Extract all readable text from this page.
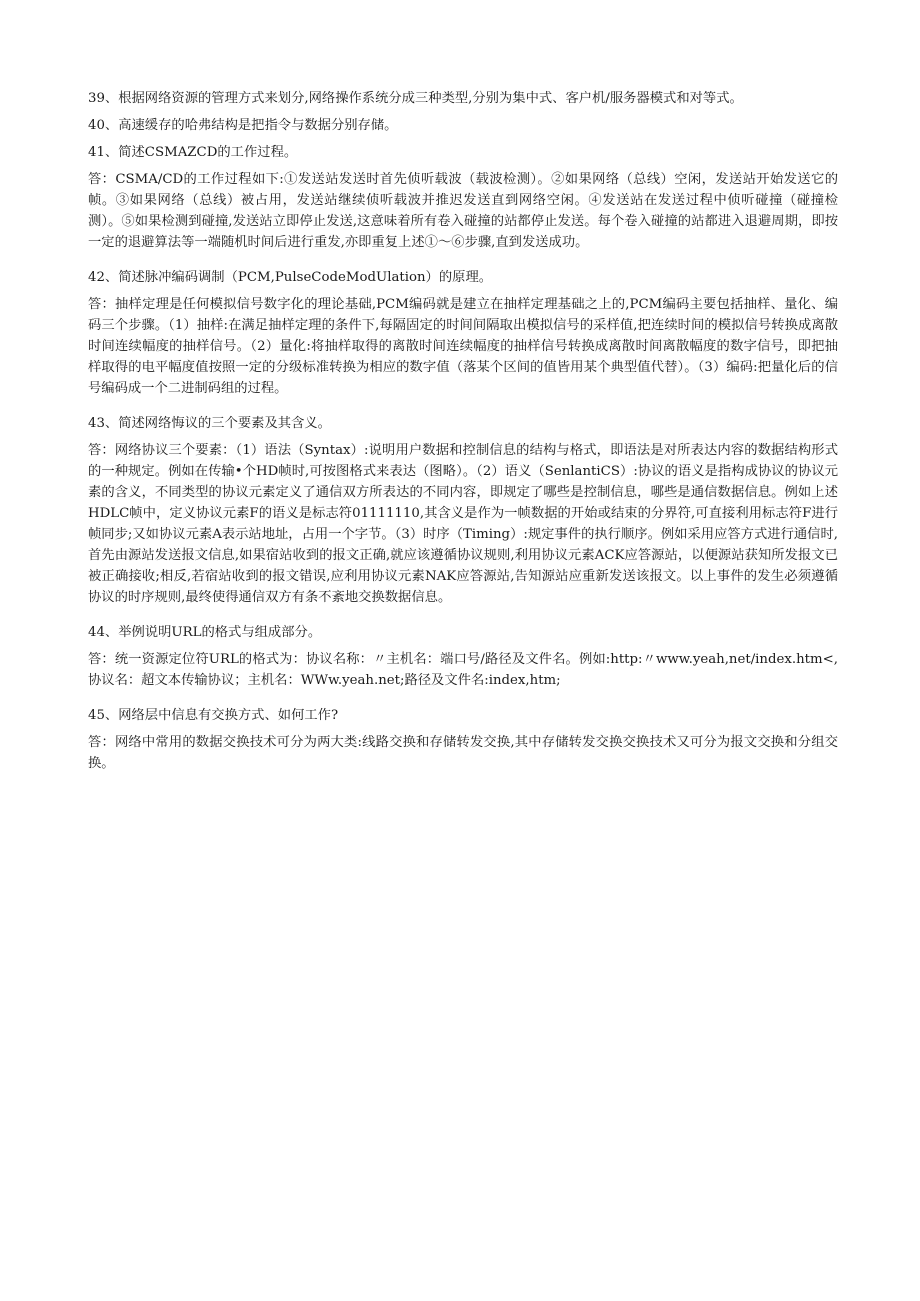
39、根据网络资源的管理方式来划分,网络操作系统分成三种类型,分别为集中式、客户机/服务器模式和对等式。

40、高速缓存的哈弗结构是把指令与数据分别存储。

41、简述CSMAZCD的工作过程。

答：CSMA/CD的工作过程如下:①发送站发送时首先侦听载波（载波检测）。②如果网络（总线）空闲，发送站开始发送它的帧。③如果网络（总线）被占用，发送站继续侦听载波并推迟发送直到网络空闲。④发送站在发送过程中侦听碰撞（碰撞检测）。⑤如果检测到碰撞,发送站立即停止发送,这意味着所有卷入碰撞的站都停止发送。每个卷入碰撞的站都进入退避周期，即按一定的退避算法等一端随机时间后进行重发,亦即重复上述①〜⑥步骤,直到发送成功。

42、简述脉冲编码调制（PCM,PulseCodeModUlation）的原理。

答：抽样定理是任何模拟信号数字化的理论基础,PCM编码就是建立在抽样定理基础之上的,PCM编码主要包括抽样、量化、编码三个步骤。（1）抽样:在满足抽样定理的条件下,每隔固定的时间间隔取出模拟信号的采样值,把连续时间的模拟信号转换成离散时间连续幅度的抽样信号。（2）量化:将抽样取得的离散时间连续幅度的抽样信号转换成离散时间离散幅度的数字信号，即把抽样取得的电平幅度值按照一定的分级标准转换为相应的数字值（落某个区间的值皆用某个典型值代替）。（3）编码:把量化后的信号编码成一个二进制码组的过程。

43、简述网络悔议的三个要素及其含义。

答：网络协议三个要素：（1）语法（Syntax）:说明用户数据和控制信息的结构与格式，即语法是对所表达内容的数据结构形式的一种规定。例如在传输•个HD帧时,可按图格式来表达（图略）。（2）语义（SenlantiCS）:协议的语义是指构成协议的协议元素的含义，不同类型的协议元素定义了通信双方所表达的不同内容，即规定了哪些是控制信息，哪些是通信数据信息。例如上述HDLC帧中，定义协议元素F的语义是标志符01111110,其含义是作为一帧数据的开始或结束的分界符,可直接利用标志符F进行帧同步;又如协议元素A表示站地址，占用一个字节。（3）时序（Timing）:规定事件的执行顺序。例如采用应答方式进行通信时,首先由源站发送报文信息,如果宿站收到的报文正确,就应该遵循协议规则,利用协议元素ACK应答源站，以便源站获知所发报文已被正确接收;相反,若宿站收到的报文错误,应利用协议元素NAK应答源站,告知源站应重新发送该报文。以上事件的发生必须遵循协议的时序规则,最终使得通信双方有条不紊地交换数据信息。

44、举例说明URL的格式与组成部分。

答：统一资源定位符URL的格式为：协议名称：〃主机名：端口号/路径及文件名。例如:http:〃www.yeah,net/index.htm<,协议名：超文本传输协议；主机名：WWw.yeah.net;路径及文件名:index,htm;

45、网络层中信息有交换方式、如何工作?

答：网络中常用的数据交换技术可分为两大类:线路交换和存储转发交换,其中存储转发交换交换技术又可分为报文交换和分组交换。
